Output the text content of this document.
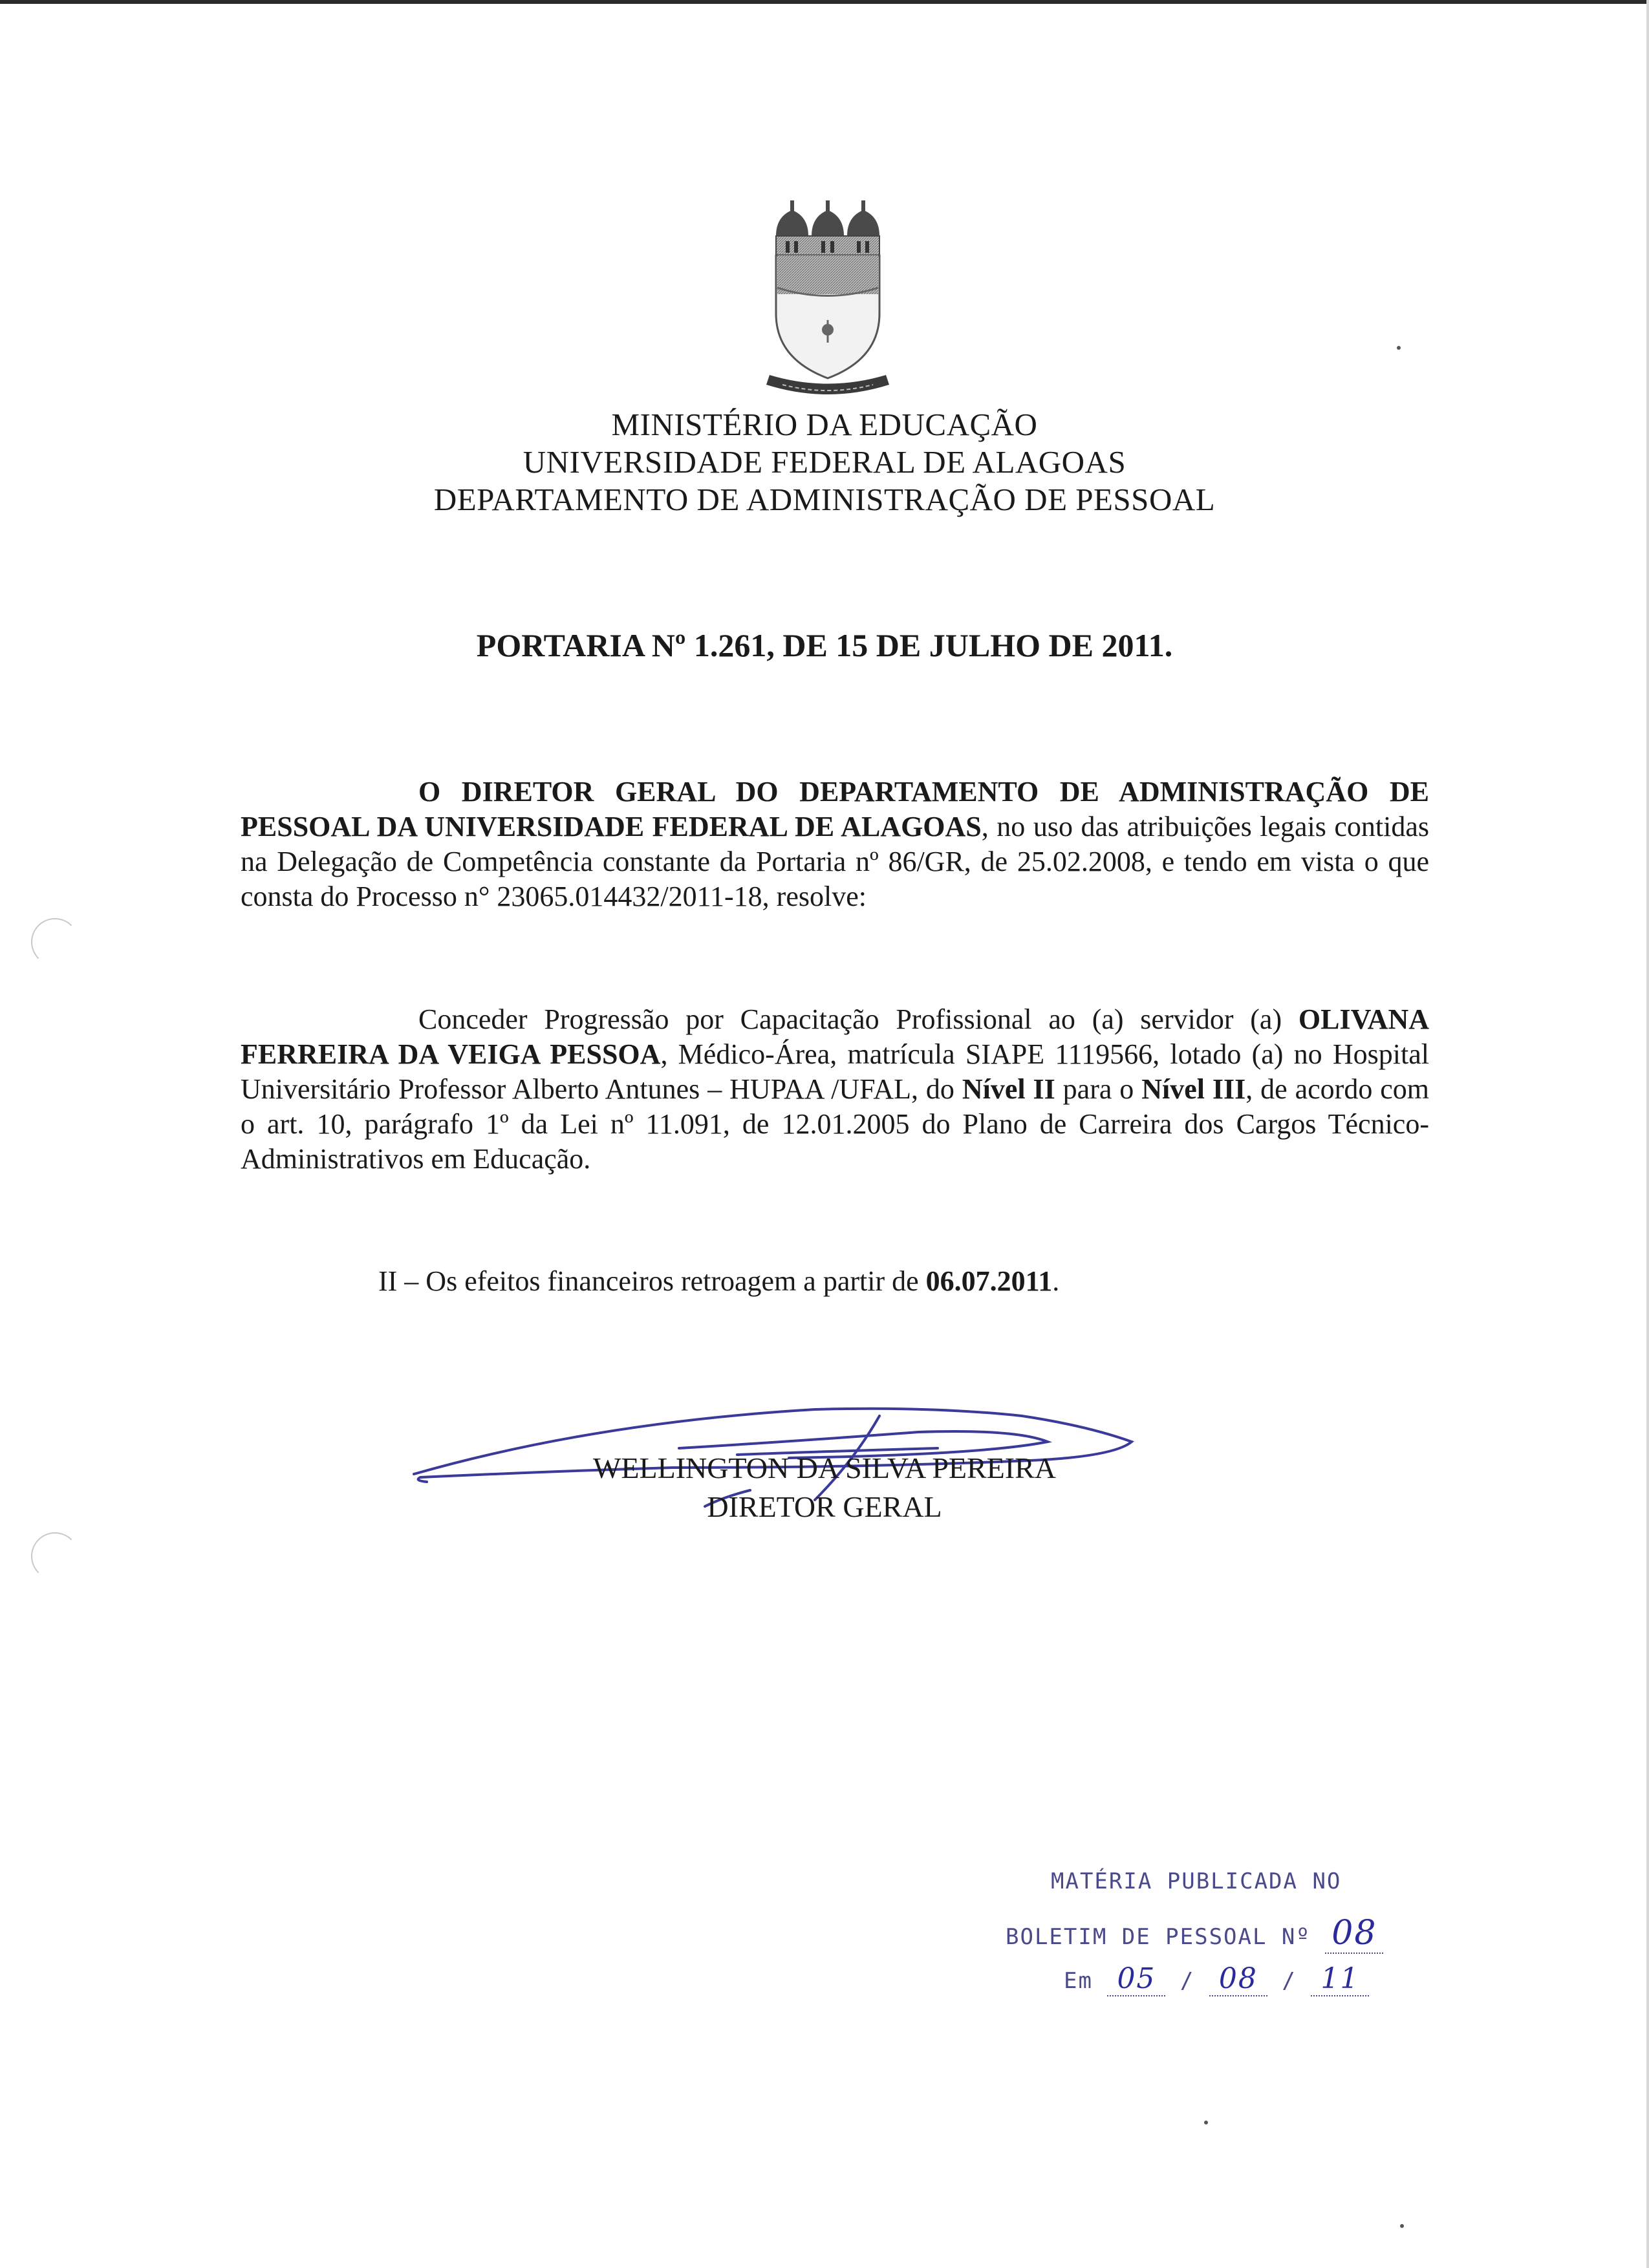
MINISTÉRIO DA EDUCAÇÃO
UNIVERSIDADE FEDERAL DE ALAGOAS
DEPARTAMENTO DE ADMINISTRAÇÃO DE PESSOAL
PORTARIA Nº 1.261, DE 15 DE JULHO DE 2011.
O DIRETOR GERAL DO DEPARTAMENTO DE ADMINISTRAÇÃO DE PESSOAL DA UNIVERSIDADE FEDERAL DE ALAGOAS, no uso das atribuições legais contidas na Delegação de Competência constante da Portaria nº 86/GR, de 25.02.2008, e tendo em vista o que consta do Processo n° 23065.014432/2011-18, resolve:
Conceder Progressão por Capacitação Profissional ao (a) servidor (a) OLIVANA FERREIRA DA VEIGA PESSOA, Médico-Área, matrícula SIAPE 1119566, lotado (a) no Hospital Universitário Professor Alberto Antunes – HUPAA /UFAL, do Nível II para o Nível III, de acordo com o art. 10, parágrafo 1º da Lei nº 11.091, de 12.01.2005 do Plano de Carreira dos Cargos Técnico-Administrativos em Educação.
II – Os efeitos financeiros retroagem a partir de 06.07.2011.
WELLINGTON DA SILVA PEREIRA
DIRETOR GERAL
MATÉRIA PUBLICADA NO
BOLETIM DE PESSOAL Nº 08
Em 05 / 08 / 11
